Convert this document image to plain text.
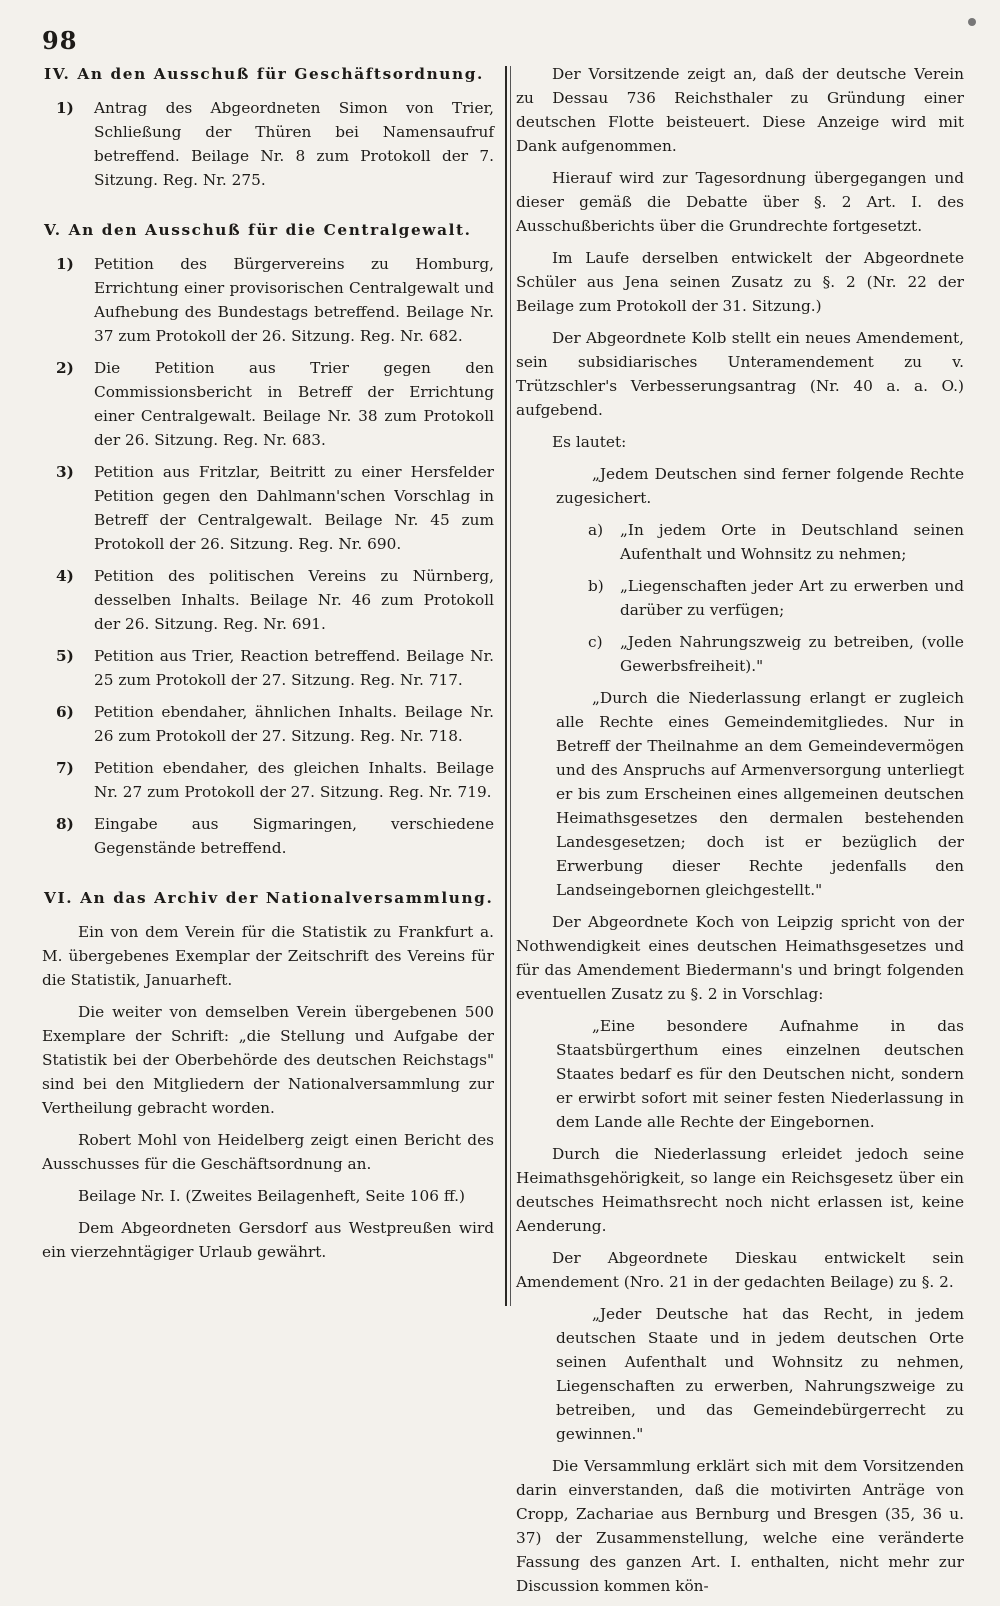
98
IV. An den Ausschuß für Geschäftsordnung.
1) Antrag des Abgeordneten Simon von Trier, Schließung der Thüren bei Namensaufruf betreffend. Beilage Nr. 8 zum Protokoll der 7. Sitzung. Reg. Nr. 275.
V. An den Ausschuß für die Centralgewalt.
1) Petition des Bürgervereins zu Homburg, Errichtung einer provisorischen Centralgewalt und Aufhebung des Bundestags betreffend. Beilage Nr. 37 zum Protokoll der 26. Sitzung. Reg. Nr. 682.
2) Die Petition aus Trier gegen den Commissionsbericht in Betreff der Errichtung einer Centralgewalt. Beilage Nr. 38 zum Protokoll der 26. Sitzung. Reg. Nr. 683.
3) Petition aus Fritzlar, Beitritt zu einer Hersfelder Petition gegen den Dahlmann'schen Vorschlag in Betreff der Centralgewalt. Beilage Nr. 45 zum Protokoll der 26. Sitzung. Reg. Nr. 690.
4) Petition des politischen Vereins zu Nürnberg, desselben Inhalts. Beilage Nr. 46 zum Protokoll der 26. Sitzung. Reg. Nr. 691.
5) Petition aus Trier, Reaction betreffend. Beilage Nr. 25 zum Protokoll der 27. Sitzung. Reg. Nr. 717.
6) Petition ebendaher, ähnlichen Inhalts. Beilage Nr. 26 zum Protokoll der 27. Sitzung. Reg. Nr. 718.
7) Petition ebendaher, des gleichen Inhalts. Beilage Nr. 27 zum Protokoll der 27. Sitzung. Reg. Nr. 719.
8) Eingabe aus Sigmaringen, verschiedene Gegenstände betreffend.
VI. An das Archiv der Nationalversammlung.
Ein von dem Verein für die Statistik zu Frankfurt a. M. übergebenes Exemplar der Zeitschrift des Vereins für die Statistik, Januarheft.
Die weiter von demselben Verein übergebenen 500 Exemplare der Schrift: „die Stellung und Aufgabe der Statistik bei der Oberbehörde des deutschen Reichstags" sind bei den Mitgliedern der Nationalversammlung zur Vertheilung gebracht worden.
Robert Mohl von Heidelberg zeigt einen Bericht des Ausschusses für die Geschäftsordnung an.
Beilage Nr. I. (Zweites Beilagenheft, Seite 106 ff.)
Dem Abgeordneten Gersdorf aus Westpreußen wird ein vierzehntägiger Urlaub gewährt.
Der Vorsitzende zeigt an, daß der deutsche Verein zu Dessau 736 Reichsthaler zu Gründung einer deutschen Flotte beisteuert. Diese Anzeige wird mit Dank aufgenommen.
Hierauf wird zur Tagesordnung übergegangen und dieser gemäß die Debatte über §. 2 Art. I. des Ausschußberichts über die Grundrechte fortgesetzt.
Im Laufe derselben entwickelt der Abgeordnete Schüler aus Jena seinen Zusatz zu §. 2 (Nr. 22 der Beilage zum Protokoll der 31. Sitzung.)
Der Abgeordnete Kolb stellt ein neues Amendement, sein subsidiarisches Unteramendement zu v. Trützschler's Verbesserungsantrag (Nr. 40 a. a. O.) aufgebend.
Es lautet:
„Jedem Deutschen sind ferner folgende Rechte zugesichert.
a) „In jedem Orte in Deutschland seinen Aufenthalt und Wohnsitz zu nehmen;
b) „Liegenschaften jeder Art zu erwerben und darüber zu verfügen;
c) „Jeden Nahrungszweig zu betreiben, (volle Gewerbsfreiheit)."
„Durch die Niederlassung erlangt er zugleich alle Rechte eines Gemeindemitgliedes. Nur in Betreff der Theilnahme an dem Gemeindevermögen und des Anspruchs auf Armenversorgung unterliegt er bis zum Erscheinen eines allgemeinen deutschen Heimathsgesetzes den dermalen bestehenden Landesgesetzen; doch ist er bezüglich der Erwerbung dieser Rechte jedenfalls den Landseingebornen gleichgestellt."
Der Abgeordnete Koch von Leipzig spricht von der Nothwendigkeit eines deutschen Heimathsgesetzes und für das Amendement Biedermann's und bringt folgenden eventuellen Zusatz zu §. 2 in Vorschlag:
„Eine besondere Aufnahme in das Staatsbürgerthum eines einzelnen deutschen Staates bedarf es für den Deutschen nicht, sondern er erwirbt sofort mit seiner festen Niederlassung in dem Lande alle Rechte der Eingebornen.
Durch die Niederlassung erleidet jedoch seine Heimathsgehörigkeit, so lange ein Reichsgesetz über ein deutsches Heimathsrecht noch nicht erlassen ist, keine Aenderung.
Der Abgeordnete Dieskau entwickelt sein Amendement (Nro. 21 in der gedachten Beilage) zu §. 2.
„Jeder Deutsche hat das Recht, in jedem deutschen Staate und in jedem deutschen Orte seinen Aufenthalt und Wohnsitz zu nehmen, Liegenschaften zu erwerben, Nahrungszweige zu betreiben, und das Gemeindebürgerrecht zu gewinnen."
Die Versammlung erklärt sich mit dem Vorsitzenden darin einverstanden, daß die motivirten Anträge von Cropp, Zachariae aus Bernburg und Bresgen (35, 36 u. 37) der Zusammenstellung, welche eine veränderte Fassung des ganzen Art. I. enthalten, nicht mehr zur Discussion kommen kön-
